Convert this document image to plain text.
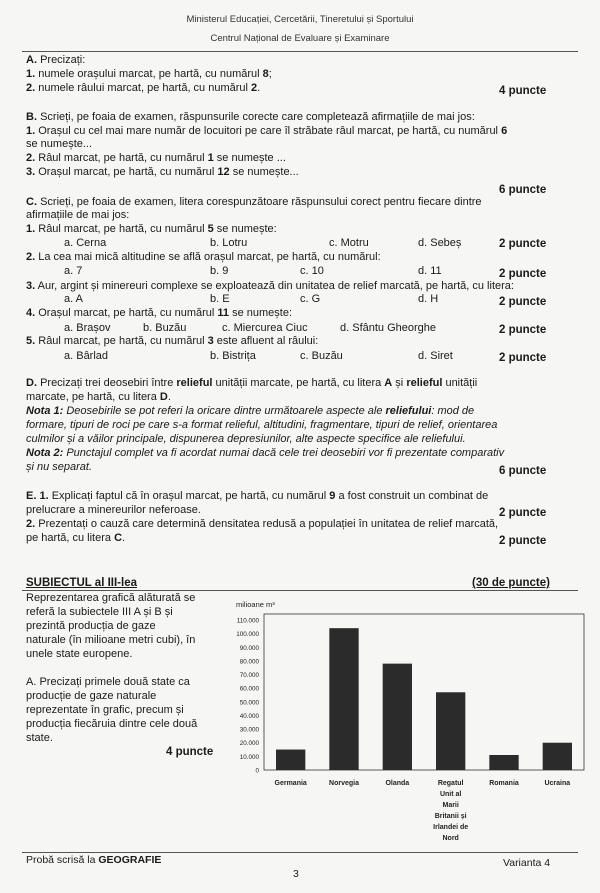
Ministerul Educației, Cercetării, Tineretului și Sportului
Centrul Național de Evaluare și Examinare
A. Precizați:
1. numele orașului marcat, pe hartă, cu numărul 8;
2. numele râului marcat, pe hartă, cu numărul 2.	4 puncte
B. Scrieți, pe foaia de examen, răspunsurile corecte care completează afirmațiile de mai jos:
1. Orașul cu cel mai mare număr de locuitori pe care îl străbate râul marcat, pe hartă, cu numărul 6
se numește...
2. Râul marcat, pe hartă, cu numărul 1 se numește ...
3. Orașul marcat, pe hartă, cu numărul 12 se numește...
6 puncte
C. Scrieți, pe foaia de examen, litera corespunzătoare răspunsului corect pentru fiecare dintre
afirmațiile de mai jos:
1. Râul marcat, pe hartă, cu numărul 5 se numește:
a. Cerna	b. Lotru	c. Motru	d. Sebeș	2 puncte
2. La cea mai mică altitudine se află orașul marcat, pe hartă, cu numărul:
a. 7	b. 9	c. 10	d. 11	2 puncte
3. Aur, argint și minereuri complexe se exploatează din unitatea de relief marcată, pe hartă, cu litera:
a. A	b. E	c. G	d. H	2 puncte
4. Orașul marcat, pe hartă, cu numărul 11 se numește:
a. Brașov	b. Buzău	c. Miercurea Ciuc	d. Sfântu Gheorghe	2 puncte
5. Râul marcat, pe hartă, cu numărul 3 este afluent al râului:
a. Bârlad	b. Bistrița	c. Buzău	d. Siret	2 puncte
D. Precizați trei deosebiri între relieful unității marcate, pe hartă, cu litera A și relieful unității
marcate, pe hartă, cu litera D.
Nota 1: Deosebirile se pot referi la oricare dintre următoarele aspecte ale reliefului: mod de
formare, tipuri de roci pe care s-a format relieful, altitudini, fragmentare, tipuri de relief, orientarea
culmilor și a văilor principale, dispunerea depresiunilor, alte aspecte specifice ale reliefului.
Nota 2: Punctajul complet va fi acordat numai dacă cele trei deosebiri vor fi prezentate comparativ
și nu separat.	6 puncte
E. 1. Explicați faptul că în orașul marcat, pe hartă, cu numărul 9 a fost construit un combinat de
prelucrare a minereurilor neferoase.	2 puncte
2. Prezentați o cauză care determină densitatea redusă a populației în unitatea de relief marcată,
pe hartă, cu litera C.	2 puncte
SUBIECTUL al III-lea	(30 de puncte)
Reprezentarea grafică alăturată se
referă la subiectele III A și B și
prezintă producția de gaze
naturale (în milioane metri cubi), în
unele state europene.
A. Precizați primele două state ca
producție de gaze naturale
reprezentate în grafic, precum și
producția fiecăruia dintre cele două
state.
4 puncte
milioane m³
0
10.000
20.000
30.000
40.000
50.000
60.000
70.000
80.000
90.000
100.000
110.000
Germania	Norvegia	Olanda	Regatul
Unit al
Marii
Britanii și
Irlandei de
Nord
Romania	Ucraina
Probă scrisă la GEOGRAFIE	Varianta 4
3
